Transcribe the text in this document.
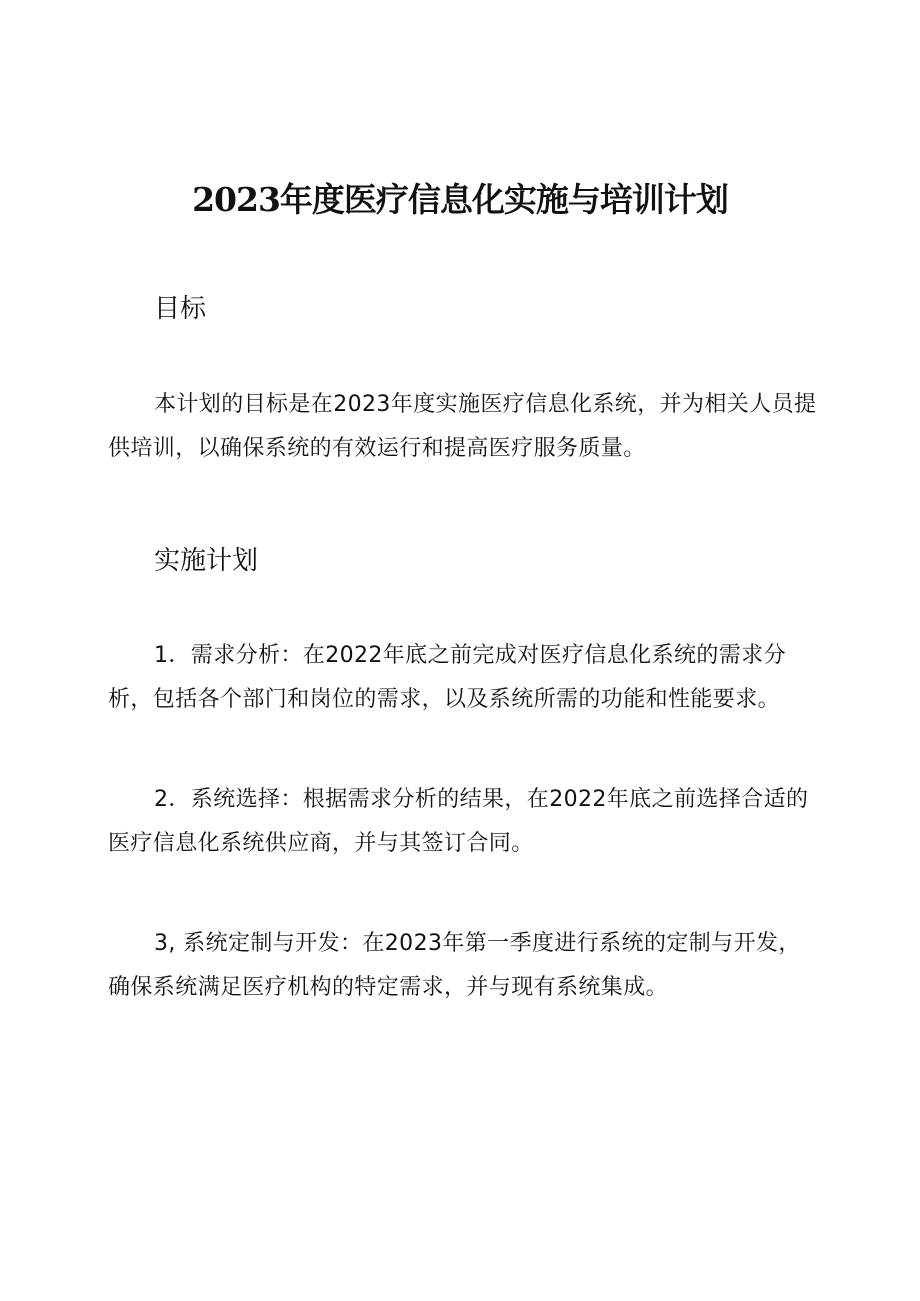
2023年度医疗信息化实施与培训计划
目标

本计划的目标是在2023年度实施医疗信息化系统，并为相关人员提供培训，以确保系统的有效运行和提高医疗服务质量。

实施计划

1．需求分析：在2022年底之前完成对医疗信息化系统的需求分析，包括各个部门和岗位的需求，以及系统所需的功能和性能要求。

2．系统选择：根据需求分析的结果，在2022年底之前选择合适的医疗信息化系统供应商，并与其签订合同。

3, 系统定制与开发：在2023年第一季度进行系统的定制与开发，确保系统满足医疗机构的特定需求，并与现有系统集成。
